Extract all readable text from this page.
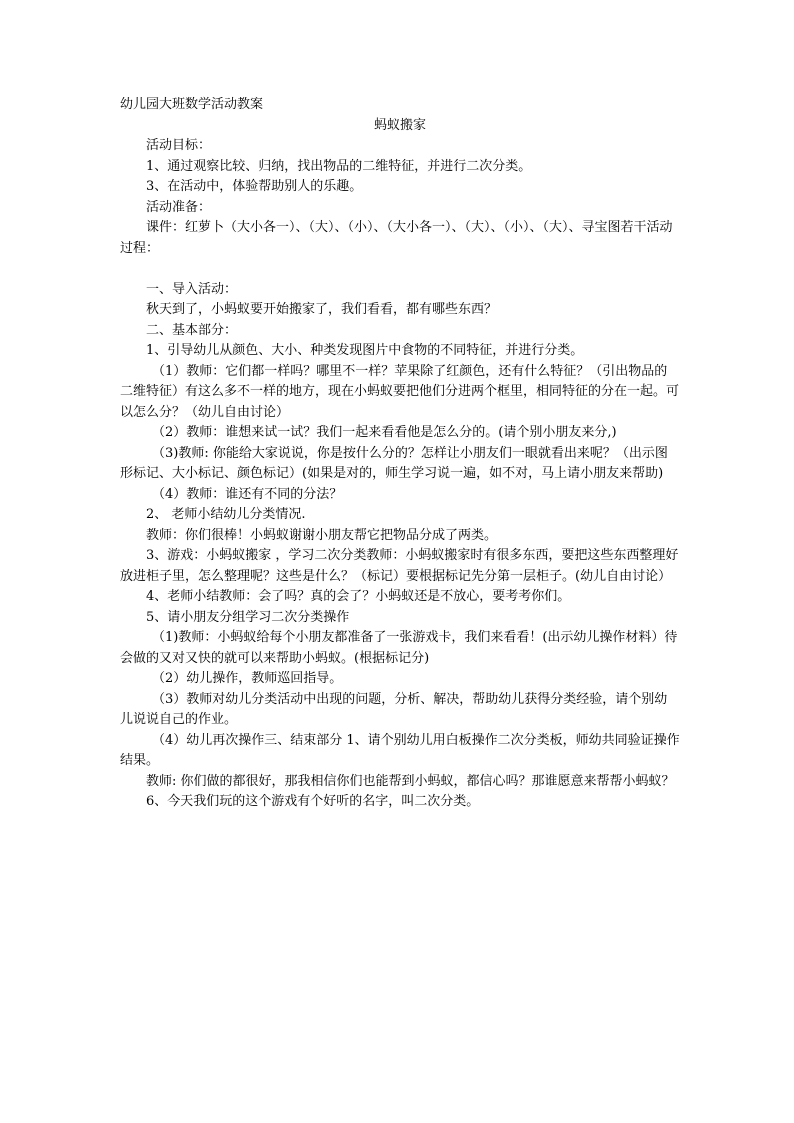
幼儿园大班数学活动教案

蚂蚁搬家

活动目标：

1、通过观察比较、归纳，找出物品的二维特征，并进行二次分类。

3、在活动中，体验帮助别人的乐趣。

活动准备：

课件：红萝卜（大小各一）、（大）、（小）、（大小各一）、（大）、（小）、（大）、寻宝图若干活动过程：

一、导入活动：

秋天到了，小蚂蚁要开始搬家了，我们看看，都有哪些东西？

二、基本部分：

1、引导幼儿从颜色、大小、种类发现图片中食物的不同特征，并进行分类。

（1）教师：它们都一样吗？哪里不一样？苹果除了红颜色，还有什么特征？（引出物品的二维特征）有这么多不一样的地方，现在小蚂蚁要把他们分进两个框里，相同特征的分在一起。可以怎么分？（幼儿自由讨论）

（2）教师：谁想来试一试？我们一起来看看他是怎么分的。(请个别小朋友来分,)

（3)教师: 你能给大家说说，你是按什么分的？怎样让小朋友们一眼就看出来呢？（出示图形标记、大小标记、颜色标记）(如果是对的，师生学习说一遍，如不对，马上请小朋友来帮助)

（4）教师：谁还有不同的分法？

2、 老师小结幼儿分类情况.

教师：你们很棒！小蚂蚁谢谢小朋友帮它把物品分成了两类。

3、游戏：小蚂蚁搬家 ，学习二次分类教师：小蚂蚁搬家时有很多东西，要把这些东西整理好放进柜子里，怎么整理呢？这些是什么？（标记）要根据标记先分第一层柜子。(幼儿自由讨论）

4、老师小结教师：会了吗？真的会了？小蚂蚁还是不放心，要考考你们。

5、请小朋友分组学习二次分类操作

（1)教师：小蚂蚁给每个小朋友都准备了一张游戏卡，我们来看看！(出示幼儿操作材料）待会做的又对又快的就可以来帮助小蚂蚁。(根据标记分)

（2）幼儿操作，教师巡回指导。

（3）教师对幼儿分类活动中出现的问题，分析、解决，帮助幼儿获得分类经验，请个别幼儿说说自己的作业。

（4）幼儿再次操作三、结束部分 1、请个别幼儿用白板操作二次分类板，师幼共同验证操作结果。

教师: 你们做的都很好，那我相信你们也能帮到小蚂蚁，都信心吗？那谁愿意来帮帮小蚂蚁？

6、今天我们玩的这个游戏有个好听的名字，叫二次分类。
